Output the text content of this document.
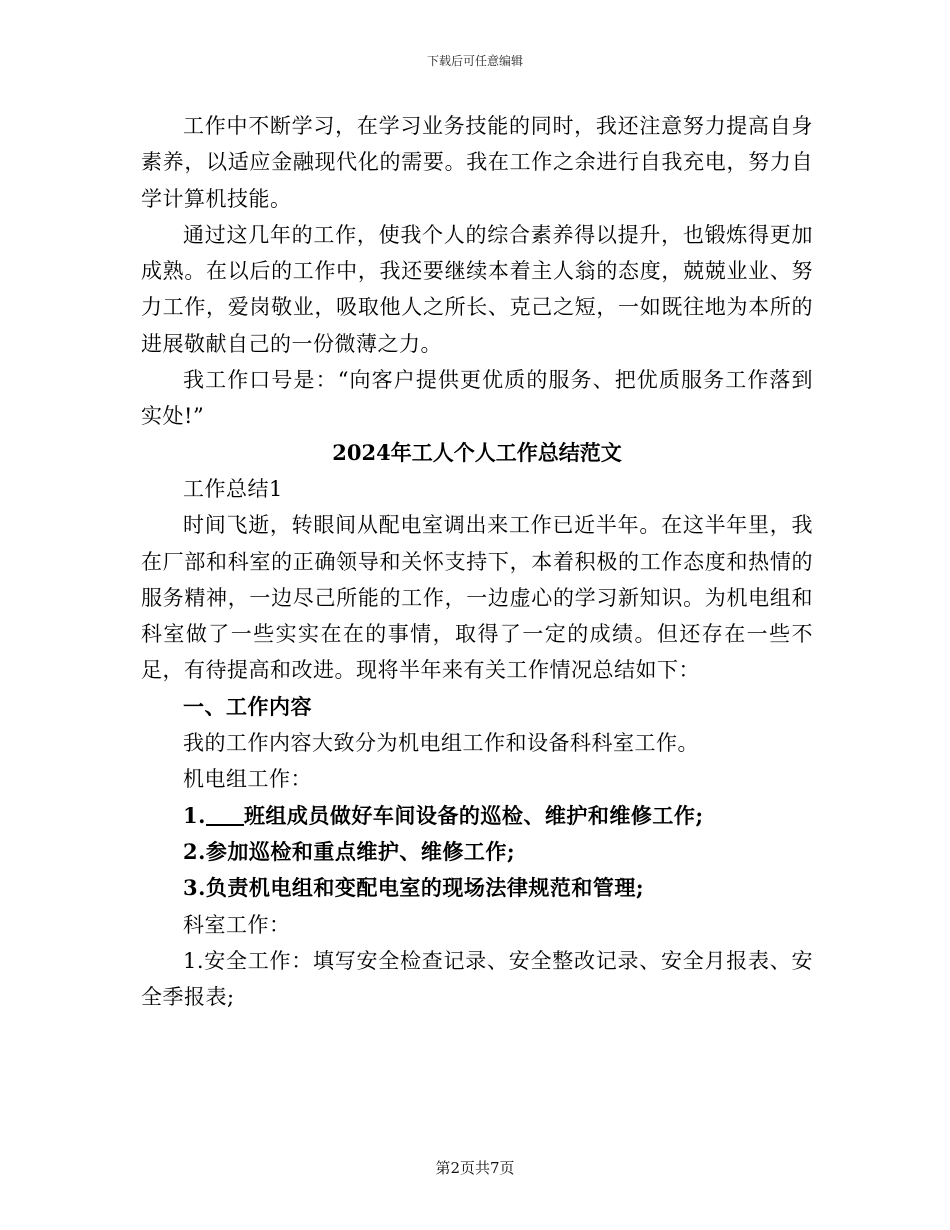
下载后可任意编辑

工作中不断学习，在学习业务技能的同时，我还注意努力提高自身素养，以适应金融现代化的需要。我在工作之余进行自我充电，努力自学计算机技能。

通过这几年的工作，使我个人的综合素养得以提升，也锻炼得更加成熟。在以后的工作中，我还要继续本着主人翁的态度，兢兢业业、努力工作，爱岗敬业，吸取他人之所长、克己之短，一如既往地为本所的进展敬献自己的一份微薄之力。

我工作口号是：“向客户提供更优质的服务、把优质服务工作落到实处!”

2024年工人个人工作总结范文

工作总结1

时间飞逝，转眼间从配电室调出来工作已近半年。在这半年里，我在厂部和科室的正确领导和关怀支持下，本着积极的工作态度和热情的服务精神，一边尽己所能的工作，一边虚心的学习新知识。为机电组和科室做了一些实实在在的事情，取得了一定的成绩。但还存在一些不足，有待提高和改进。现将半年来有关工作情况总结如下：

一、工作内容

我的工作内容大致分为机电组工作和设备科科室工作。

机电组工作：

1. 班组成员做好车间设备的巡检、维护和维修工作;

2.参加巡检和重点维护、维修工作;

3.负责机电组和变配电室的现场法律规范和管理;

科室工作：

1.安全工作：填写安全检查记录、安全整改记录、安全月报表、安全季报表;

第2页共7页
